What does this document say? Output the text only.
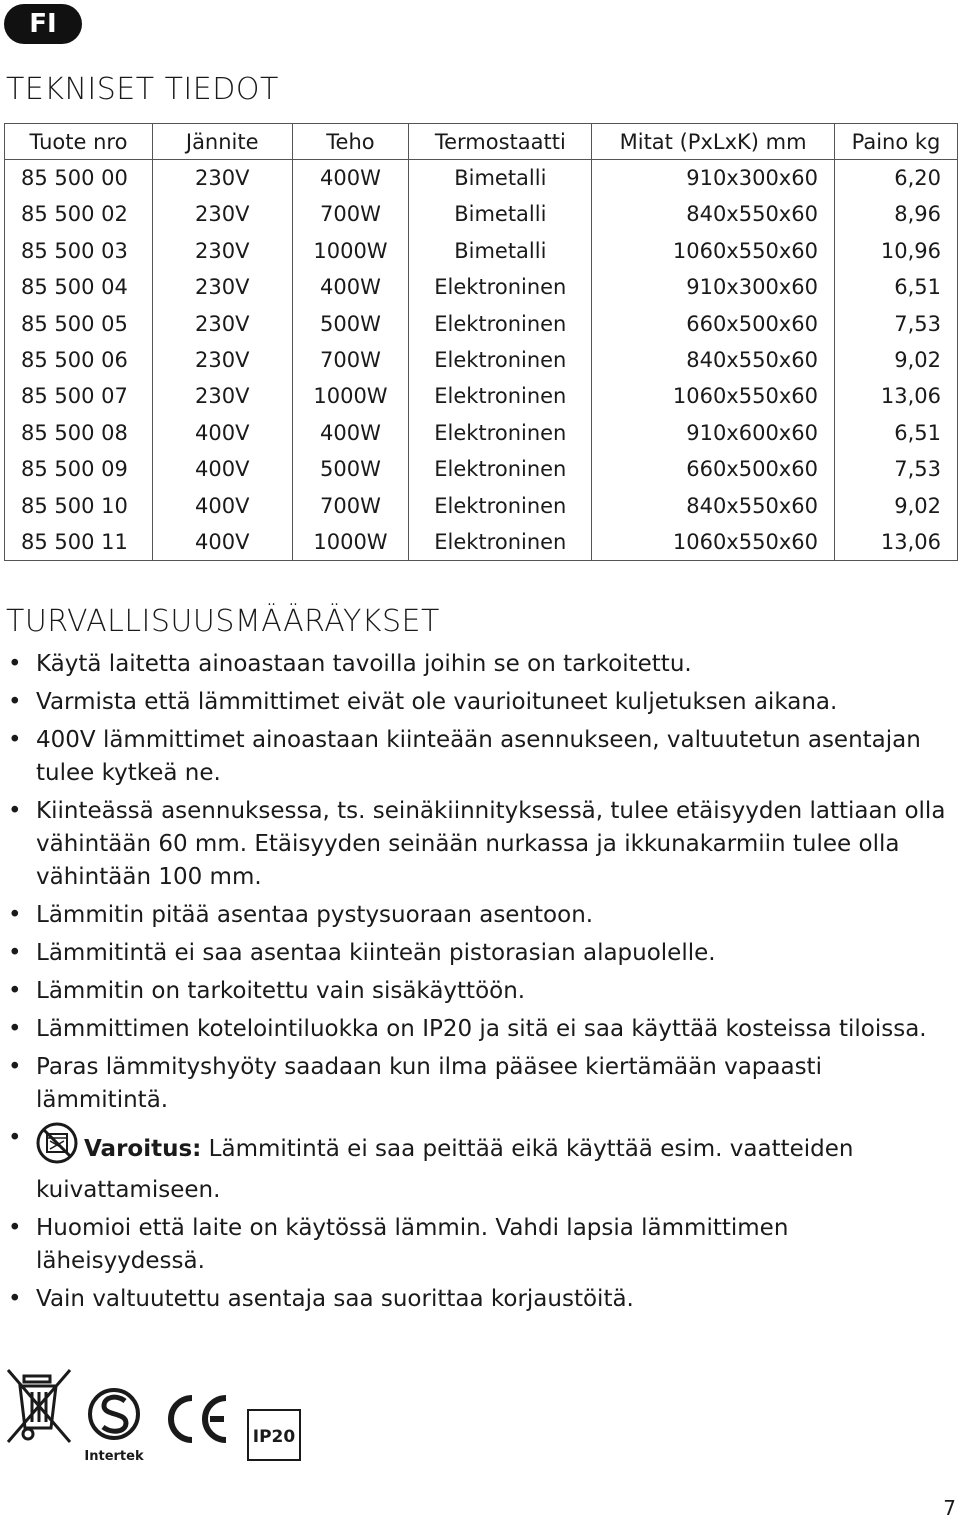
FI
TEKNISET TIEDOT
Tuote nro	Jännite	Teho	Termostaatti	Mitat (PxLxK) mm	Paino kg
85 500 00	230V	400W	Bimetalli	910x300x60	6,20
85 500 02	230V	700W	Bimetalli	840x550x60	8,96
85 500 03	230V	1000W	Bimetalli	1060x550x60	10,96
85 500 04	230V	400W	Elektroninen	910x300x60	6,51
85 500 05	230V	500W	Elektroninen	660x500x60	7,53
85 500 06	230V	700W	Elektroninen	840x550x60	9,02
85 500 07	230V	1000W	Elektroninen	1060x550x60	13,06
85 500 08	400V	400W	Elektroninen	910x600x60	6,51
85 500 09	400V	500W	Elektroninen	660x500x60	7,53
85 500 10	400V	700W	Elektroninen	840x550x60	9,02
85 500 11	400V	1000W	Elektroninen	1060x550x60	13,06
TURVALLISUUSMÄÄRÄYKSET
• Käytä laitetta ainoastaan tavoilla joihin se on tarkoitettu.
• Varmista että lämmittimet eivät ole vaurioituneet kuljetuksen aikana.
• 400V lämmittimet ainoastaan kiinteään asennukseen, valtuutetun asentajan tulee kytkeä ne.
• Kiinteässä asennuksessa, ts. seinäkiinnityksessä, tulee etäisyyden lattiaan olla vähintään 60 mm. Etäisyyden seinään nurkassa ja ikkunakarmiin tulee olla vähintään 100 mm.
• Lämmitin pitää asentaa pystysuoraan asentoon.
• Lämmitintä ei saa asentaa kiinteän pistorasian alapuolelle.
• Lämmitin on tarkoitettu vain sisäkäyttöön.
• Lämmittimen kotelointiluokka on IP20 ja sitä ei saa käyttää kosteissa tiloissa.
• Paras lämmityshyöty saadaan kun ilma pääsee kiertämään vapaasti lämmitintä.
•	Varoitus: Lämmitintä ei saa peittää eikä käyttää esim. vaatteiden kuivattamiseen.
• Huomioi että laite on käytössä lämmin. Vahdi lapsia lämmittimen läheisyydessä.
• Vain valtuutettu asentaja saa suorittaa korjaustöitä.
Intertek
IP20
7
